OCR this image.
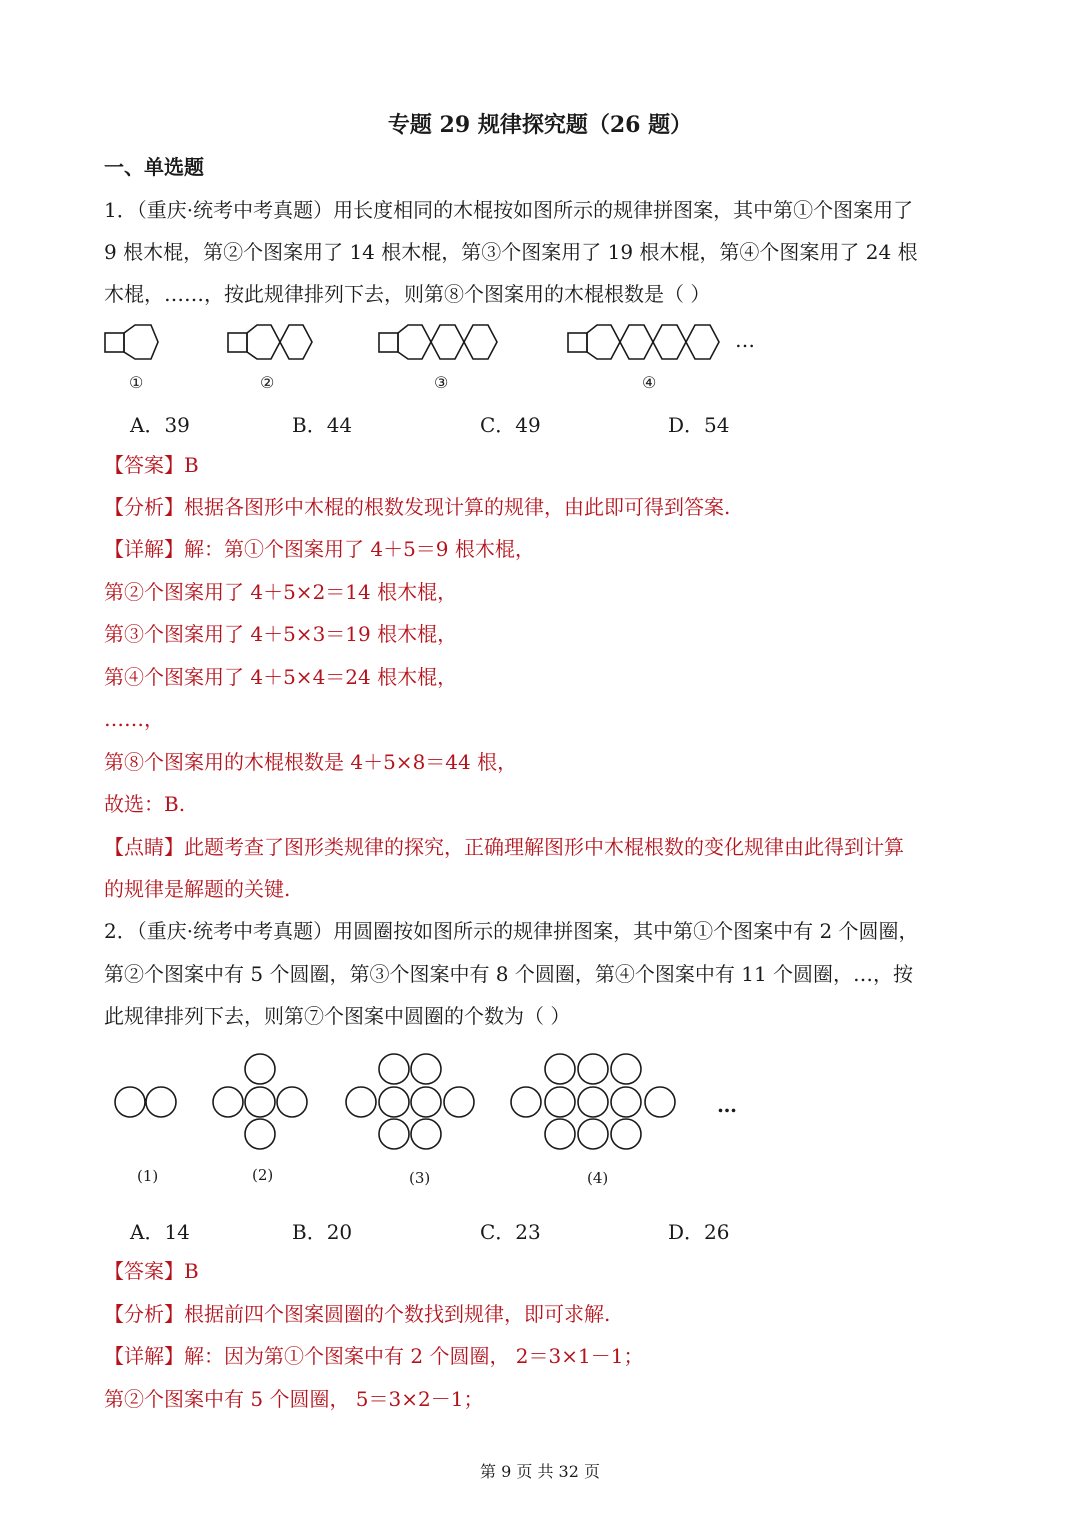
专题 29 规律探究题（26 题）
一、单选题
1．（重庆·统考中考真题）用长度相同的木棍按如图所示的规律拼图案，其中第①个图案用了
9 根木棍，第②个图案用了 14 根木棍，第③个图案用了 19 根木棍，第④个图案用了 24 根
木棍，……，按此规律排列下去，则第⑧个图案用的木棍根数是（ ）
…
①	②	③	④
A．39	B．44	C．49	D．54
【答案】B
【分析】根据各图形中木棍的根数发现计算的规律，由此即可得到答案.
【详解】解：第①个图案用了 4＋5＝9 根木棍，
第②个图案用了 4＋5×2＝14 根木棍，
第③个图案用了 4＋5×3＝19 根木棍，
第④个图案用了 4＋5×4＝24 根木棍，
……，
第⑧个图案用的木棍根数是 4＋5×8＝44 根，
故选：B.
【点睛】此题考查了图形类规律的探究，正确理解图形中木棍根数的变化规律由此得到计算
的规律是解题的关键.
2．（重庆·统考中考真题）用圆圈按如图所示的规律拼图案，其中第①个图案中有 2 个圆圈，
第②个图案中有 5 个圆圈，第③个图案中有 8 个圆圈，第④个图案中有 11 个圆圈，…，按
此规律排列下去，则第⑦个图案中圆圈的个数为（ ）
…
(1)	(2)	(3)	(4)
A．14	B．20	C．23	D．26
【答案】B
【分析】根据前四个图案圆圈的个数找到规律，即可求解.
【详解】解：因为第①个图案中有 2 个圆圈， 2＝3×1－1；
第②个图案中有 5 个圆圈， 5＝3×2－1；
第 9 页 共 32 页
